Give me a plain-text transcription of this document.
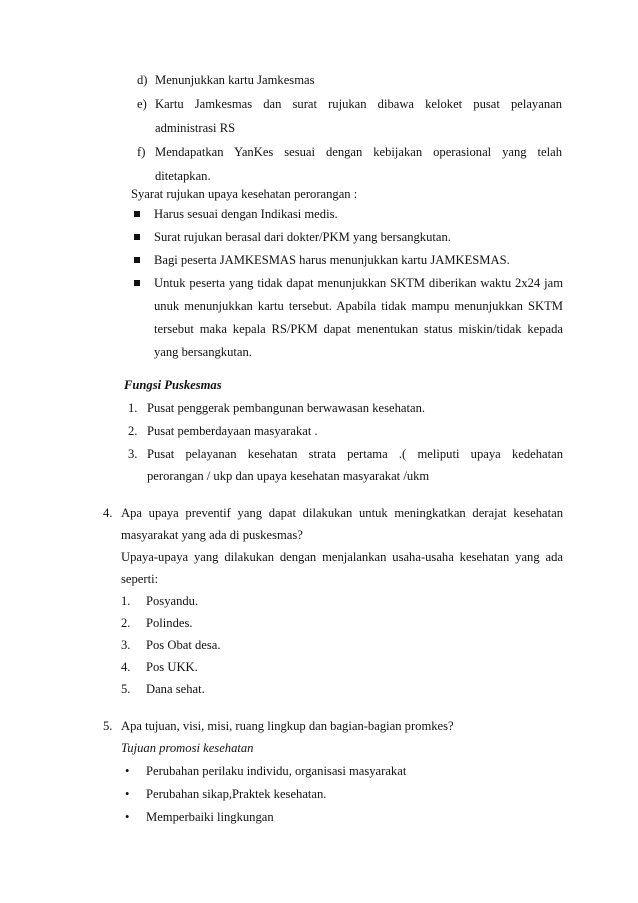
d) Menunjukkan kartu Jamkesmas
e) Kartu Jamkesmas dan surat rujukan dibawa keloket pusat pelayanan
administrasi RS
f) Mendapatkan YanKes sesuai dengan kebijakan operasional yang telah
ditetapkan.
Syarat rujukan upaya kesehatan perorangan :
Harus sesuai dengan Indikasi medis.
Surat rujukan berasal dari dokter/PKM yang bersangkutan.
Bagi peserta JAMKESMAS harus menunjukkan kartu JAMKESMAS.
Untuk peserta yang tidak dapat menunjukkan SKTM diberikan waktu 2x24 jam
unuk menunjukkan kartu tersebut. Apabila tidak mampu menunjukkan SKTM
tersebut maka kepala RS/PKM dapat menentukan status miskin/tidak kepada
yang bersangkutan.
Fungsi Puskesmas
1. Pusat penggerak pembangunan berwawasan kesehatan.
2. Pusat pemberdayaan masyarakat .
3. Pusat pelayanan kesehatan strata pertama .( meliputi upaya kedehatan
perorangan / ukp dan upaya kesehatan masyarakat /ukm
4. Apa upaya preventif yang dapat dilakukan untuk meningkatkan derajat kesehatan
masyarakat yang ada di puskesmas?
Upaya-upaya yang dilakukan dengan menjalankan usaha-usaha kesehatan yang ada
seperti:
1. Posyandu.
2. Polindes.
3. Pos Obat desa.
4. Pos UKK.
5. Dana sehat.
5. Apa tujuan, visi, misi, ruang lingkup dan bagian-bagian promkes?
Tujuan promosi kesehatan
• Perubahan perilaku individu, organisasi masyarakat
• Perubahan sikap,Praktek kesehatan.
• Memperbaiki lingkungan
